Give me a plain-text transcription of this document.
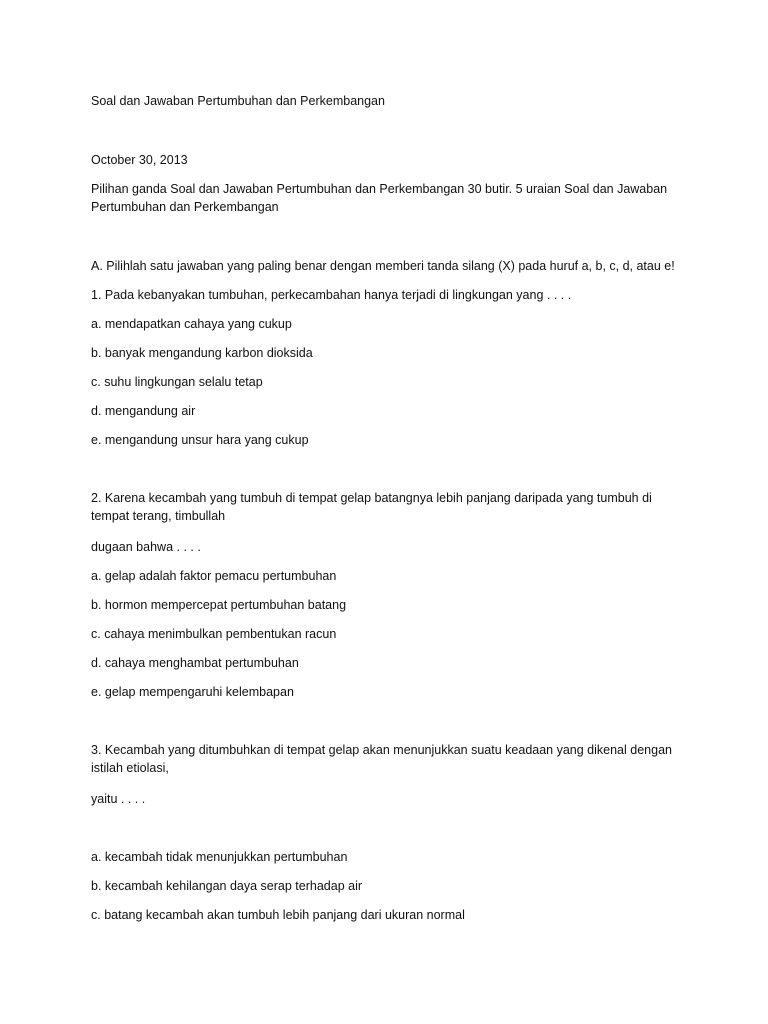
Soal dan Jawaban Pertumbuhan dan Perkembangan

October 30, 2013

Pilihan ganda Soal dan Jawaban Pertumbuhan dan Perkembangan 30 butir. 5 uraian Soal dan Jawaban Pertumbuhan dan Perkembangan

A. Pilihlah satu jawaban yang paling benar dengan memberi tanda silang (X) pada huruf a, b, c, d, atau e!

1. Pada kebanyakan tumbuhan, perkecambahan hanya terjadi di lingkungan yang . . . .

a. mendapatkan cahaya yang cukup

b. banyak mengandung karbon dioksida

c. suhu lingkungan selalu tetap

d. mengandung air

e. mengandung unsur hara yang cukup

2. Karena kecambah yang tumbuh di tempat gelap batangnya lebih panjang daripada yang tumbuh di tempat terang, timbullah

dugaan bahwa . . . .

a. gelap adalah faktor pemacu pertumbuhan

b. hormon mempercepat pertumbuhan batang

c. cahaya menimbulkan pembentukan racun

d. cahaya menghambat pertumbuhan

e. gelap mempengaruhi kelembapan

3. Kecambah yang ditumbuhkan di tempat gelap akan menunjukkan suatu keadaan yang dikenal dengan istilah etiolasi,

yaitu . . . .

a. kecambah tidak menunjukkan pertumbuhan

b. kecambah kehilangan daya serap terhadap air

c. batang kecambah akan tumbuh lebih panjang dari ukuran normal
